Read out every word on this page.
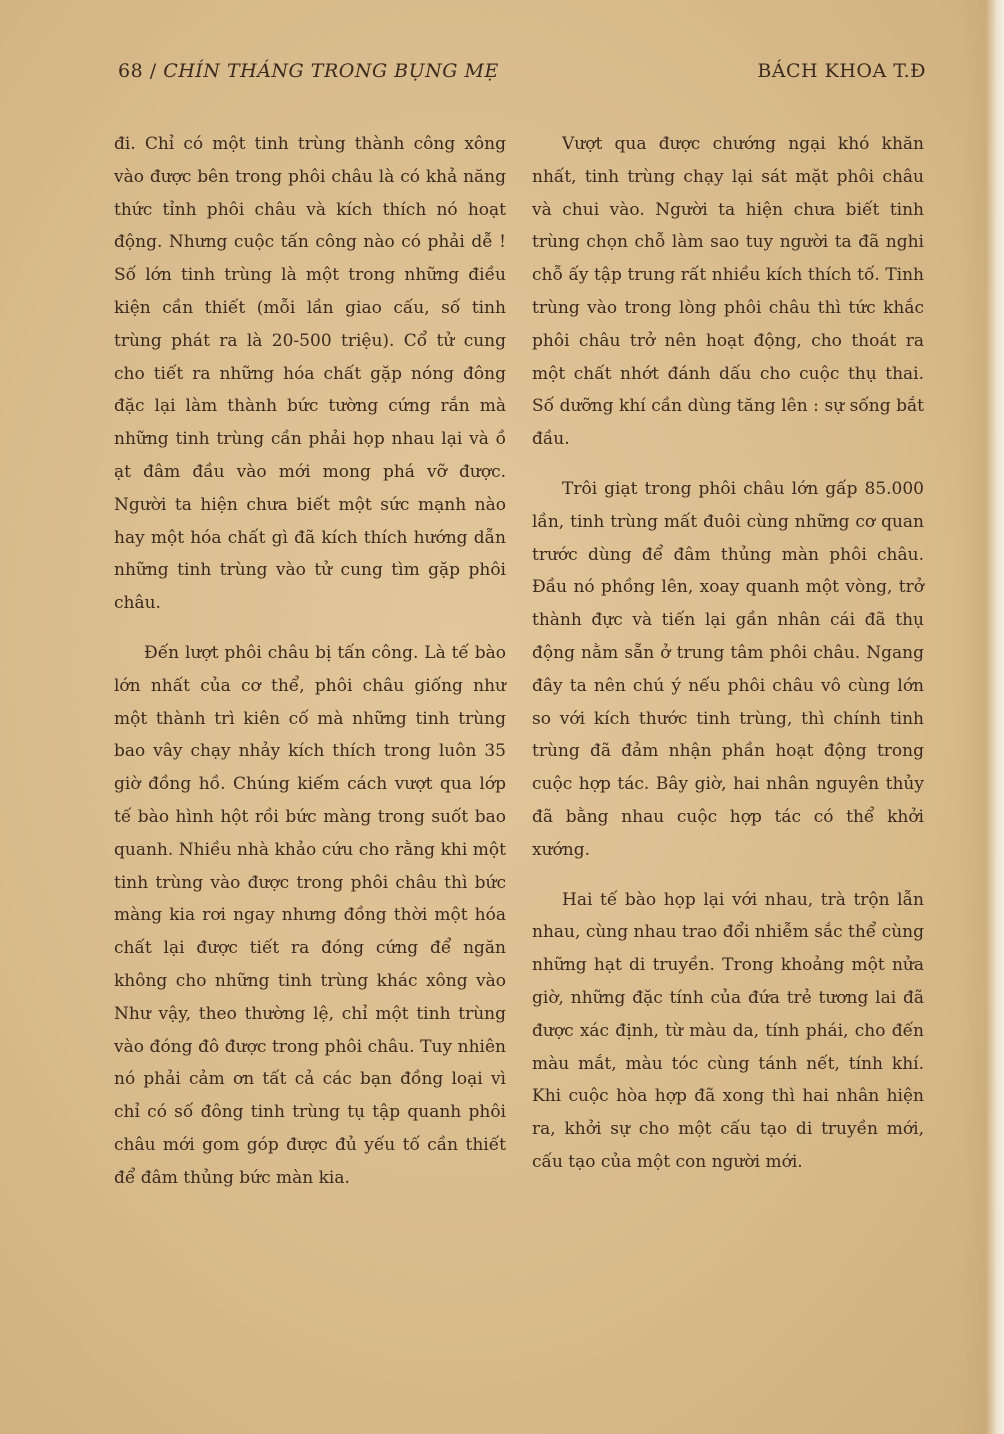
68 / CHÍN THÁNG TRONG BỤNG MẸ	BÁCH KHOA T.Đ

đi. Chỉ có một tinh trùng thành công xông vào được bên trong phôi châu là có khả năng thức tỉnh phôi châu và kích thích nó hoạt động. Nhưng cuộc tấn công nào có phải dễ ! Số lớn tinh trùng là một trong những điều kiện cần thiết (mỗi lần giao cấu, số tinh trùng phát ra là 20-500 triệu). Cổ tử cung cho tiết ra những hóa chất gặp nóng đông đặc lại làm thành bức tường cứng rắn mà những tinh trùng cần phải họp nhau lại và ồ ạt đâm đầu vào mới mong phá vỡ được. Người ta hiện chưa biết một sức mạnh nào hay một hóa chất gì đã kích thích hướng dẫn những tinh trùng vào tử cung tìm gặp phôi châu.

Đến lượt phôi châu bị tấn công. Là tế bào lớn nhất của cơ thể, phôi châu giống như một thành trì kiên cố mà những tinh trùng bao vây chạy nhảy kích thích trong luôn 35 giờ đồng hồ. Chúng kiếm cách vượt qua lớp tế bào hình hột rồi bức màng trong suốt bao quanh. Nhiều nhà khảo cứu cho rằng khi một tinh trùng vào được trong phôi châu thì bức màng kia rơi ngay nhưng đồng thời một hóa chất lại được tiết ra đóng cứng để ngăn không cho những tinh trùng khác xông vào Như vậy, theo thường lệ, chỉ một tinh trùng vào đóng đô được trong phôi châu. Tuy nhiên nó phải cảm ơn tất cả các bạn đồng loại vì chỉ có số đông tinh trùng tụ tập quanh phôi châu mới gom góp được đủ yếu tố cần thiết để đâm thủng bức màn kia.

Vượt qua được chướng ngại khó khăn nhất, tinh trùng chạy lại sát mặt phôi châu và chui vào. Người ta hiện chưa biết tinh trùng chọn chỗ làm sao tuy người ta đã nghi chỗ ấy tập trung rất nhiều kích thích tố. Tinh trùng vào trong lòng phôi châu thì tức khắc phôi châu trở nên hoạt động, cho thoát ra một chất nhớt đánh dấu cho cuộc thụ thai. Số dưỡng khí cần dùng tăng lên : sự sống bắt đầu.

Trôi giạt trong phôi châu lớn gấp 85.000 lần, tinh trùng mất đuôi cùng những cơ quan trước dùng để đâm thủng màn phôi châu. Đầu nó phồng lên, xoay quanh một vòng, trở thành đực và tiến lại gần nhân cái đã thụ động nằm sẵn ở trung tâm phôi châu. Ngang đây ta nên chú ý nếu phôi châu vô cùng lớn so với kích thước tinh trùng, thì chính tinh trùng đã đảm nhận phần hoạt động trong cuộc hợp tác. Bây giờ, hai nhân nguyên thủy đã bằng nhau cuộc hợp tác có thể khởi xướng.

Hai tế bào họp lại với nhau, trà trộn lẫn nhau, cùng nhau trao đổi nhiễm sắc thể cùng những hạt di truyền. Trong khoảng một nửa giờ, những đặc tính của đứa trẻ tương lai đã được xác định, từ màu da, tính phái, cho đến màu mắt, màu tóc cùng tánh nết, tính khí. Khi cuộc hòa hợp đã xong thì hai nhân hiện ra, khởi sự cho một cấu tạo di truyền mới, cấu tạo của một con người mới.
